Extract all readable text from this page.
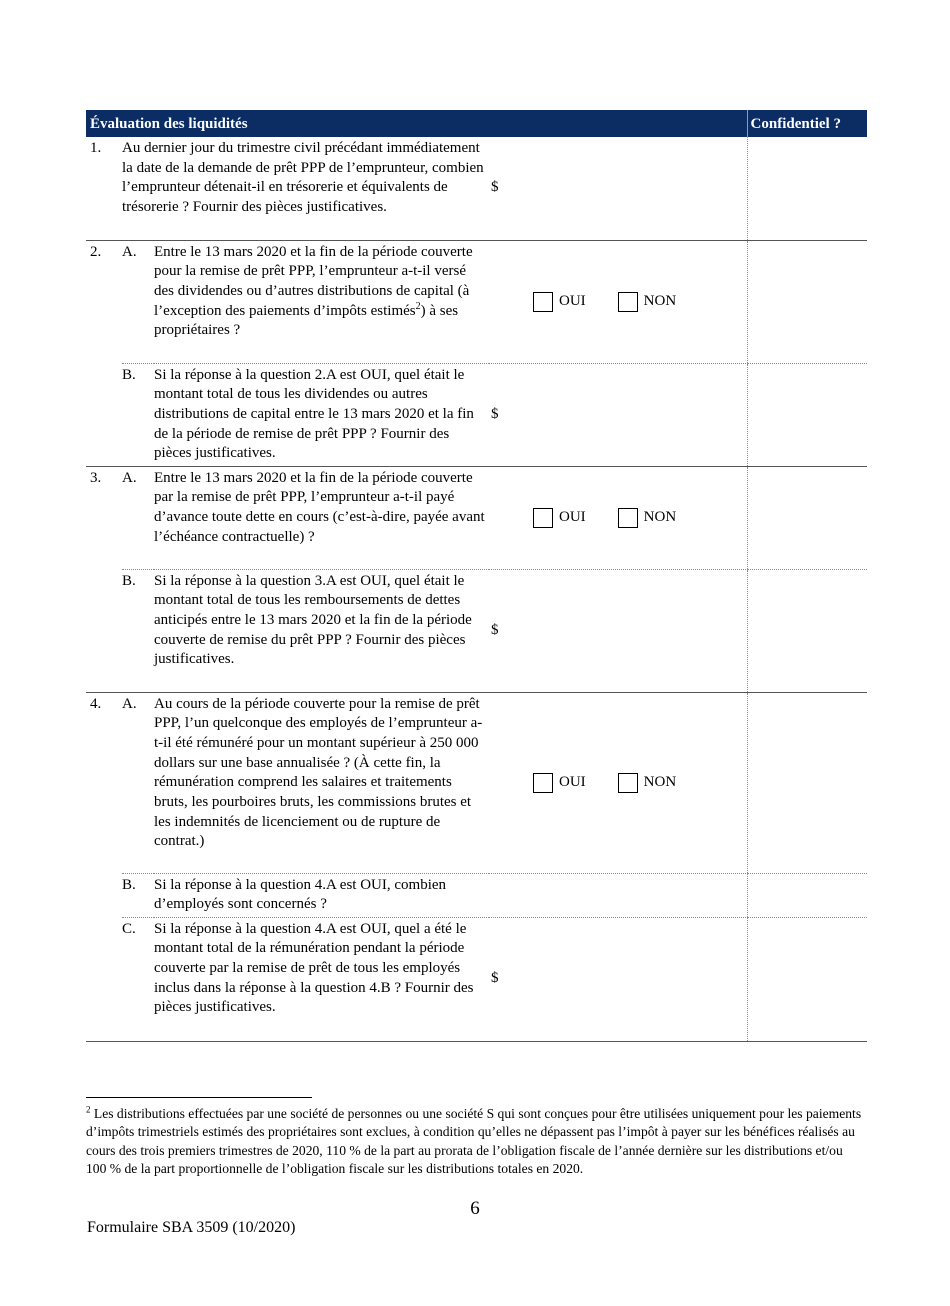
Évaluation des liquidités				Confidentiel ?
1.	Au dernier jour du trimestre civil précédant immédiatement la date de la demande de prêt PPP de l’emprunteur, combien l’emprunteur détenait-il en trésorerie et équivalents de trésorerie ? Fournir des pièces justificatives.		$	

2.	A.	Entre le 13 mars 2020 et la fin de la période couverte pour la remise de prêt PPP, l’emprunteur a-t-il versé des dividendes ou d’autres distributions de capital (à l’exception des paiements d’impôts estimés$^2$) à ses propriétaires ?	OUI NON	

	B.	Si la réponse à la question 2.A est OUI, quel était le montant total de tous les dividendes ou autres distributions de capital entre le 13 mars 2020 et la fin de la période de remise de prêt PPP ? Fournir des pièces justificatives.	$	

3.	A.	Entre le 13 mars 2020 et la fin de la période couverte par la remise de prêt PPP, l’emprunteur a-t-il payé d’avance toute dette en cours (c’est-à-dire, payée avant l’échéance contractuelle) ?	OUI NON	

	B.	Si la réponse à la question 3.A est OUI, quel était le montant total de tous les remboursements de dettes anticipés entre le 13 mars 2020 et la fin de la période couverte de remise du prêt PPP ? Fournir des pièces justificatives.	$	

4.	A.	Au cours de la période couverte pour la remise de prêt PPP, l’un quelconque des employés de l’emprunteur a-t-il été rémunéré pour un montant supérieur à 250 000 dollars sur une base annualisée ? (À cette fin, la rémunération comprend les salaires et traitements bruts, les pourboires bruts, les commissions brutes et les indemnités de licenciement ou de rupture de contrat.)	OUI NON	

	B.	Si la réponse à la question 4.A est OUI, combien d’employés sont concernés ?		
	C.	Si la réponse à la question 4.A est OUI, quel a été le montant total de la rémunération pendant la période couverte par la remise de prêt de tous les employés inclus dans la réponse à la question 4.B ? Fournir des pièces justificatives.	$	

$^2$ Les distributions effectuées par une société de personnes ou une société S qui sont conçues pour être utilisées uniquement pour les paiements d’impôts trimestriels estimés des propriétaires sont exclues, à condition qu’elles ne dépassent pas l’impôt à payer sur les bénéfices réalisés au cours des trois premiers trimestres de 2020, 110 % de la part au prorata de l’obligation fiscale de l’année dernière sur les distributions et/ou 100 % de la part proportionnelle de l’obligation fiscale sur les distributions totales en 2020.
6
Formulaire SBA 3509 (10/2020)
